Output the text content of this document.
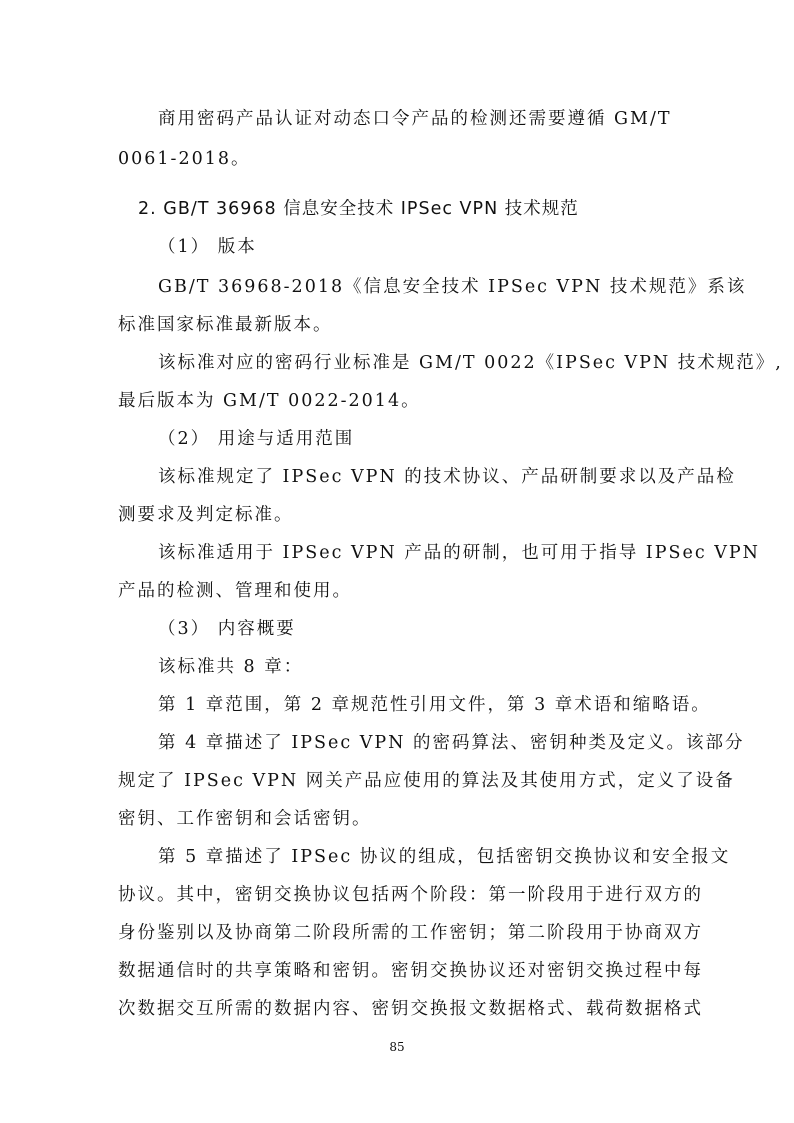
商用密码产品认证对动态口令产品的检测还需要遵循 GM/T
0061-2018。
2. GB/T 36968 信息安全技术 IPSec VPN 技术规范
（1） 版本
GB/T 36968-2018《信息安全技术 IPSec VPN 技术规范》系该
标准国家标准最新版本。
该标准对应的密码行业标准是 GM/T 0022《IPSec VPN 技术规范》,
最后版本为 GM/T 0022-2014。
（2） 用途与适用范围
该标准规定了 IPSec VPN 的技术协议、产品研制要求以及产品检
测要求及判定标准。
该标准适用于 IPSec VPN 产品的研制，也可用于指导 IPSec VPN
产品的检测、管理和使用。
（3） 内容概要
该标准共 8 章：
第 1 章范围，第 2 章规范性引用文件，第 3 章术语和缩略语。
第 4 章描述了 IPSec VPN 的密码算法、密钥种类及定义。该部分
规定了 IPSec VPN 网关产品应使用的算法及其使用方式，定义了设备
密钥、工作密钥和会话密钥。
第 5 章描述了 IPSec 协议的组成，包括密钥交换协议和安全报文
协议。其中，密钥交换协议包括两个阶段：第一阶段用于进行双方的
身份鉴别以及协商第二阶段所需的工作密钥；第二阶段用于协商双方
数据通信时的共享策略和密钥。密钥交换协议还对密钥交换过程中每
次数据交互所需的数据内容、密钥交换报文数据格式、载荷数据格式
85
